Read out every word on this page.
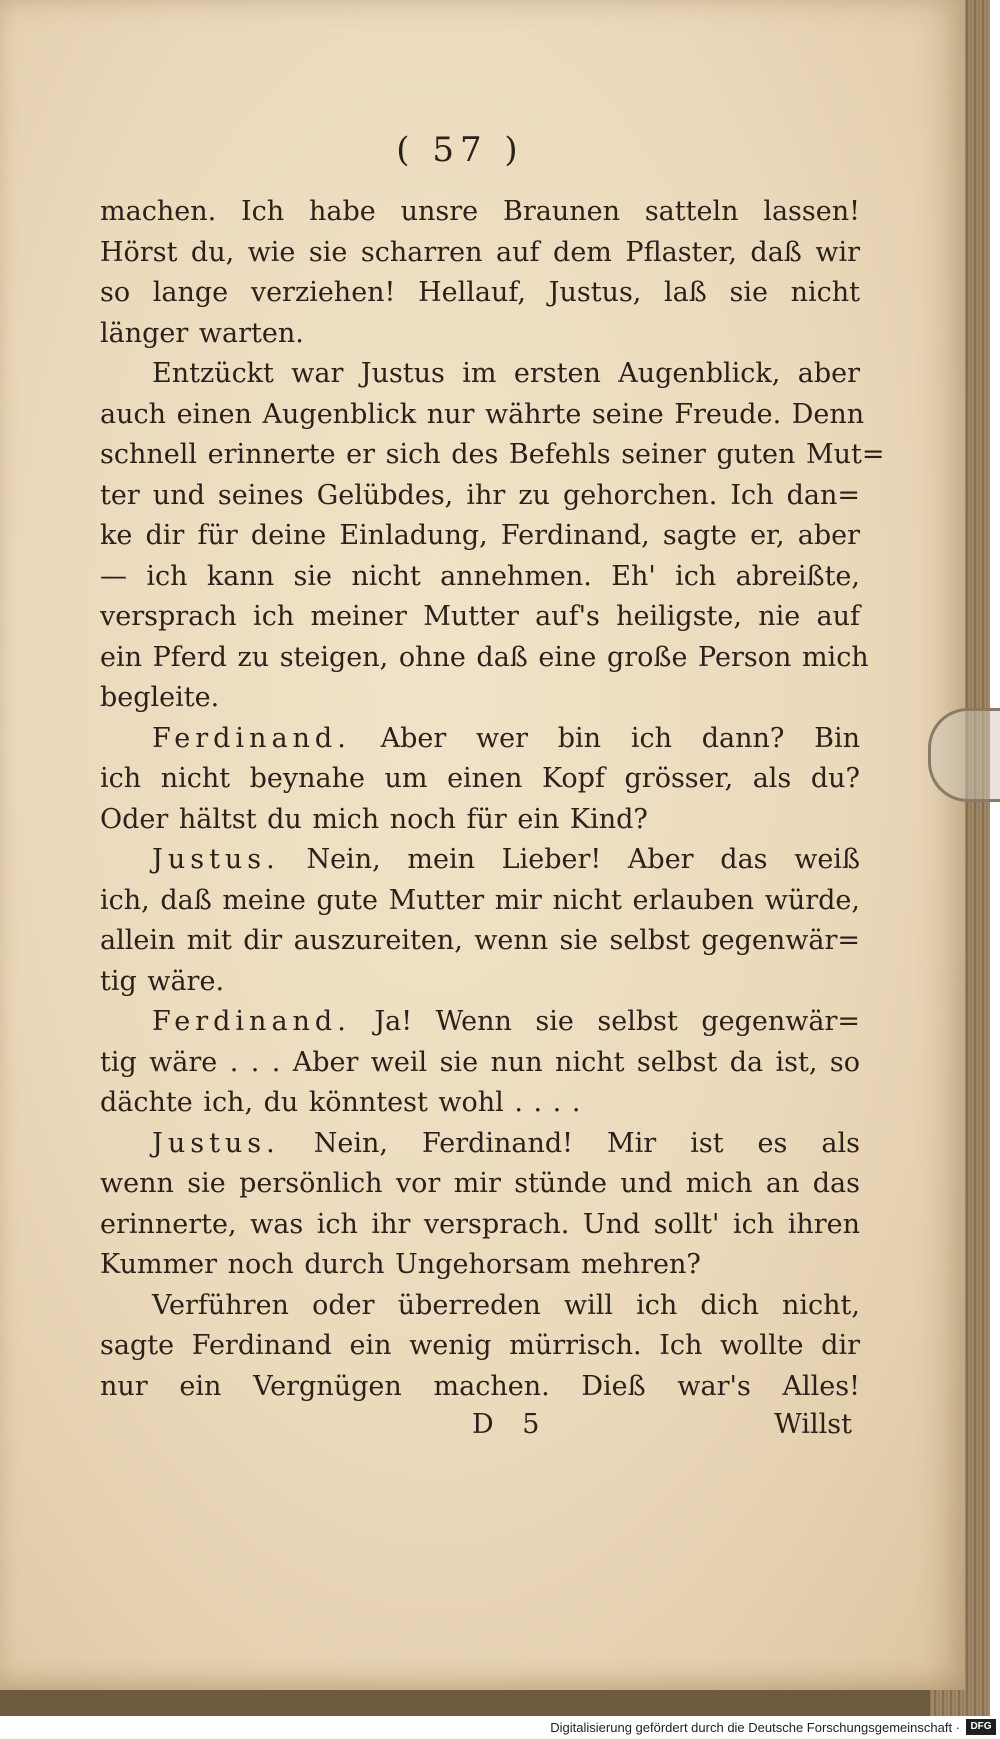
( 57 )
machen. Ich habe unsre Braunen satteln lassen!
Hörst du, wie sie scharren auf dem Pflaster, daß wir
so lange verziehen! Hellauf, Justus, laß sie nicht
länger warten.
Entzückt war Justus im ersten Augenblick, aber
auch einen Augenblick nur währte seine Freude. Denn
schnell erinnerte er sich des Befehls seiner guten Mut=
ter und seines Gelübdes, ihr zu gehorchen. Ich dan=
ke dir für deine Einladung, Ferdinand, sagte er, aber
— ich kann sie nicht annehmen. Eh' ich abreißte,
versprach ich meiner Mutter auf's heiligste, nie auf
ein Pferd zu steigen, ohne daß eine große Person mich
begleite.
Ferdinand. Aber wer bin ich dann? Bin
ich nicht beynahe um einen Kopf grösser, als du?
Oder hältst du mich noch für ein Kind?
Justus. Nein, mein Lieber! Aber das weiß
ich, daß meine gute Mutter mir nicht erlauben würde,
allein mit dir auszureiten, wenn sie selbst gegenwär=
tig wäre.
Ferdinand. Ja! Wenn sie selbst gegenwär=
tig wäre . . . Aber weil sie nun nicht selbst da ist, so
dächte ich, du könntest wohl . . . .
Justus. Nein, Ferdinand! Mir ist es als
wenn sie persönlich vor mir stünde und mich an das
erinnerte, was ich ihr versprach. Und sollt' ich ihren
Kummer noch durch Ungehorsam mehren?
Verführen oder überreden will ich dich nicht,
sagte Ferdinand ein wenig mürrisch. Ich wollte dir
nur ein Vergnügen machen. Dieß war's Alles!
D 5	Willst
Digitalisierung gefördert durch die Deutsche Forschungsgemeinschaft ·	DFG
